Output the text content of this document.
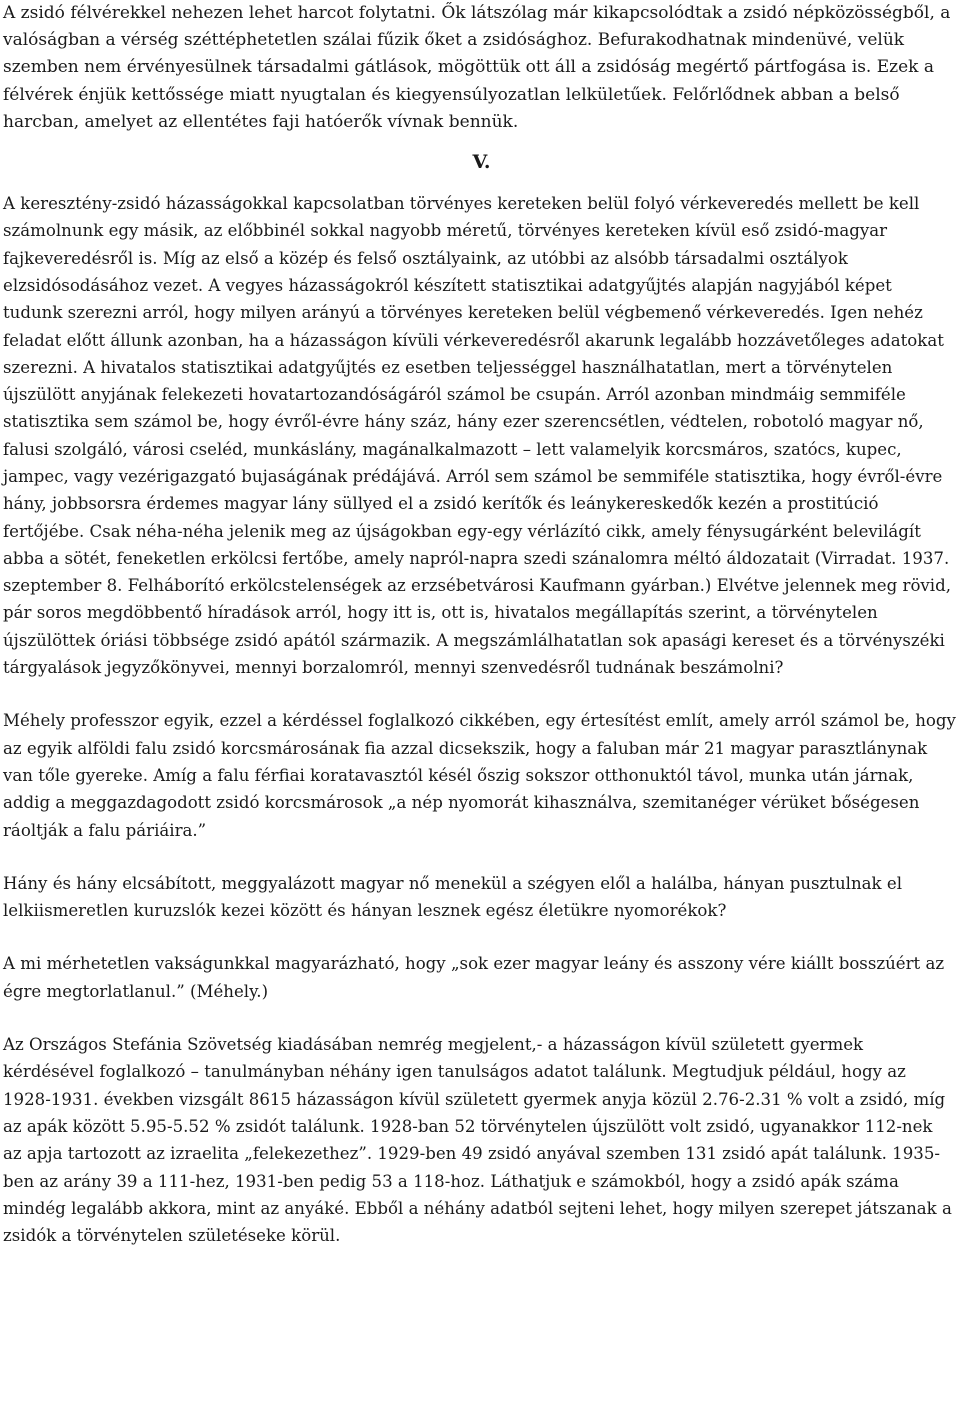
A zsidó félvérekkel nehezen lehet harcot folytatni. Ők látszólag már kikapcsolódtak a zsidó népközösségből, a valóságban a vérség széttéphetetlen szálai fűzik őket a zsidósághoz. Befurakodhatnak mindenüvé, velük szemben nem érvényesülnek társadalmi gátlások, mögöttük ott áll a zsidóság megértő pártfogása is. Ezek a félvérek énjük kettőssége miatt nyugtalan és kiegyensúlyozatlan lelkületűek. Felőrlődnek abban a belső harcban, amelyet az ellentétes faji hatóerők vívnak bennük.

V.

A keresztény-zsidó házasságokkal kapcsolatban törvényes kereteken belül folyó vérkeveredés mellett be kell számolnunk egy másik, az előbbinél sokkal nagyobb méretű, törvényes kereteken kívül eső zsidó-magyar fajkeveredésről is. Míg az első a közép és felső osztályaink, az utóbbi az alsóbb társadalmi osztályok elzsidósodásához vezet. A vegyes házasságokról készített statisztikai adatgyűjtés alapján nagyjából képet tudunk szerezni arról, hogy milyen arányú a törvényes kereteken belül végbemenő vérkeveredés. Igen nehéz feladat előtt állunk azonban, ha a házasságon kívüli vérkeveredésről akarunk legalább hozzávetőleges adatokat szerezni. A hivatalos statisztikai adatgyűjtés ez esetben teljességgel használhatatlan, mert a törvénytelen újszülött anyjának felekezeti hovatartozandóságáról számol be csupán. Arról azonban mindmáig semmiféle statisztika sem számol be, hogy évről-évre hány száz, hány ezer szerencsétlen, védtelen, robotoló magyar nő, falusi szolgáló, városi cseléd, munkáslány, magánalkalmazott – lett valamelyik korcsmáros, szatócs, kupec, jampec, vagy vezérigazgató bujaságának prédájává. Arról sem számol be semmiféle statisztika, hogy évről-évre hány, jobbsorsra érdemes magyar lány süllyed el a zsidó kerítők és leánykereskedők kezén a prostitúció fertőjébe. Csak néha-néha jelenik meg az újságokban egy-egy vérlázító cikk, amely fénysugárként belevilágít abba a sötét, feneketlen erkölcsi fertőbe, amely napról-napra szedi szánalomra méltó áldozatait (Virradat. 1937. szeptember 8. Felháborító erkölcstelenségek az erzsébetvárosi Kaufmann gyárban.) Elvétve jelennek meg rövid, pár soros megdöbbentő híradások arról, hogy itt is, ott is, hivatalos megállapítás szerint, a törvénytelen újszülöttek óriási többsége zsidó apától származik. A megszámlálhatatlan sok apasági kereset és a törvényszéki tárgyalások jegyzőkönyvei, mennyi borzalomról, mennyi szenvedésről tudnának beszámolni?

Méhely professzor egyik, ezzel a kérdéssel foglalkozó cikkében, egy értesítést említ, amely arról számol be, hogy az egyik alföldi falu zsidó korcsmárosának fia azzal dicsekszik, hogy a faluban már 21 magyar parasztlánynak van tőle gyereke. Amíg a falu férfiai koratavasztól késél őszig sokszor otthonuktól távol, munka után járnak, addig a meggazdagodott zsidó korcsmárosok „a nép nyomorát kihasználva, szemitanéger vérüket bőségesen ráoltják a falu páriáira.”

Hány és hány elcsábított, meggyalázott magyar nő menekül a szégyen elől a halálba, hányan pusztulnak el lelkiismeretlen kuruzslók kezei között és hányan lesznek egész életükre nyomorékok?

A mi mérhetetlen vakságunkkal magyarázható, hogy „sok ezer magyar leány és asszony vére kiállt bosszúért az égre megtorlatlanul.” (Méhely.)

Az Országos Stefánia Szövetség kiadásában nemrég megjelent,- a házasságon kívül született gyermek kérdésével foglalkozó – tanulmányban néhány igen tanulságos adatot találunk. Megtudjuk például, hogy az 1928-1931. években vizsgált 8615 házasságon kívül született gyermek anyja közül 2.76-2.31 % volt a zsidó, míg az apák között 5.95-5.52 % zsidót találunk. 1928-ban 52 törvénytelen újszülött volt zsidó, ugyanakkor 112-nek az apja tartozott az izraelita „felekezethez”. 1929-ben 49 zsidó anyával szemben 131 zsidó apát találunk. 1935-ben az arány 39 a 111-hez, 1931-ben pedig 53 a 118-hoz. Láthatjuk e számokból, hogy a zsidó apák száma mindég legalább akkora, mint az anyáké. Ebből a néhány adatból sejteni lehet, hogy milyen szerepet játszanak a zsidók a törvénytelen születéseke körül.
